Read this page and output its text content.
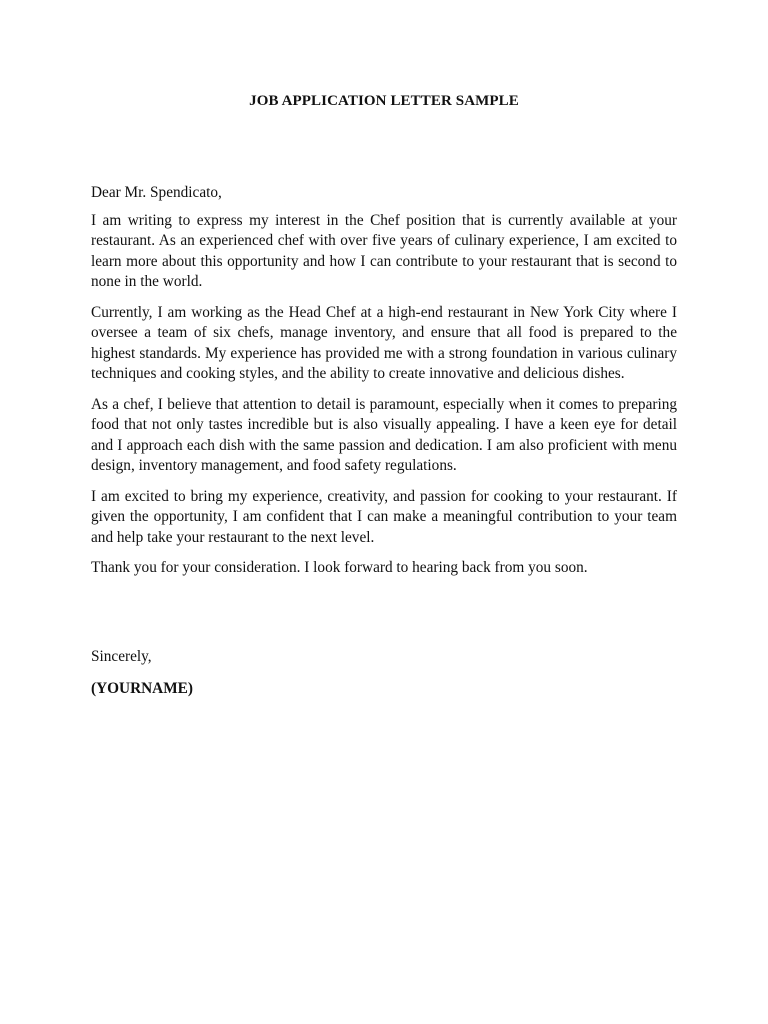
JOB APPLICATION LETTER SAMPLE

Dear Mr. Spendicato,

I am writing to express my interest in the Chef position that is currently available at your restaurant. As an experienced chef with over five years of culinary experience, I am excited to learn more about this opportunity and how I can contribute to your restaurant that is second to none in the world.

Currently, I am working as the Head Chef at a high-end restaurant in New York City where I oversee a team of six chefs, manage inventory, and ensure that all food is prepared to the highest standards. My experience has provided me with a strong foundation in various culinary techniques and cooking styles, and the ability to create innovative and delicious dishes.

As a chef, I believe that attention to detail is paramount, especially when it comes to preparing food that not only tastes incredible but is also visually appealing. I have a keen eye for detail and I approach each dish with the same passion and dedication. I am also proficient with menu design, inventory management, and food safety regulations.

I am excited to bring my experience, creativity, and passion for cooking to your restaurant. If given the opportunity, I am confident that I can make a meaningful contribution to your team and help take your restaurant to the next level.

Thank you for your consideration. I look forward to hearing back from you soon.

Sincerely,
(YOURNAME)
